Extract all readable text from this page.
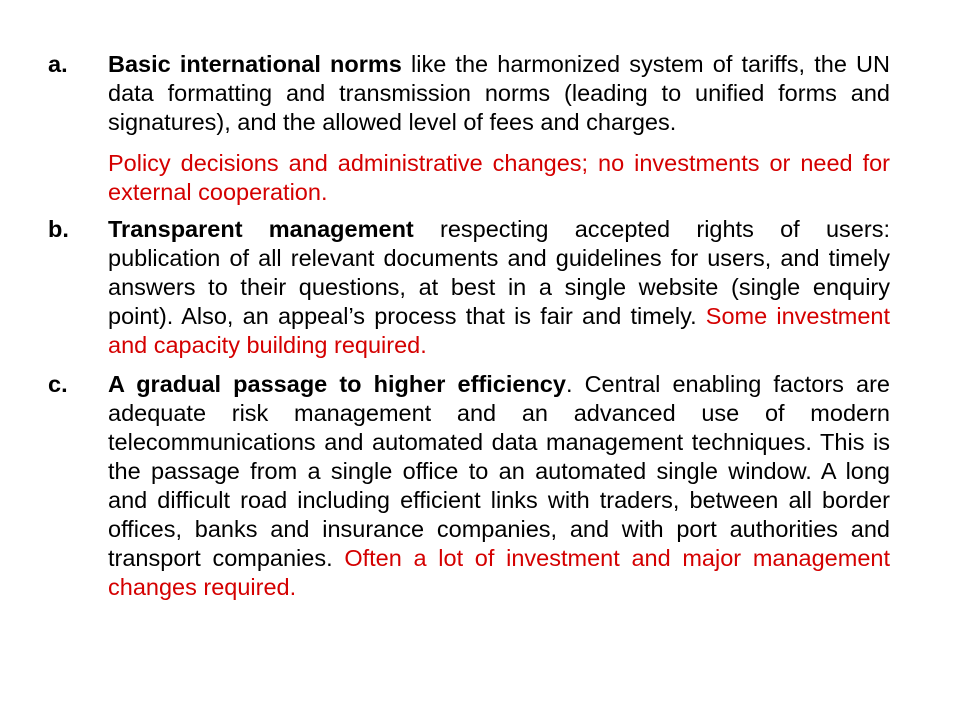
a.	Basic international norms like the harmonized system of tariffs, the UN data formatting and transmission norms (leading to unified forms and signatures), and the allowed level of fees and charges.

Policy decisions and administrative changes; no investments or need for external cooperation.

b.	Transparent management respecting accepted rights of users: publication of all relevant documents and guidelines for users, and timely answers to their questions, at best in a single website (single enquiry point). Also, an appeal’s process that is fair and timely. Some investment and capacity building required.

c.	A gradual passage to higher efficiency. Central enabling factors are adequate risk management and an advanced use of modern telecommunications and automated data management techniques. This is the passage from a single office to an automated single window. A long and difficult road including efficient links with traders, between all border offices, banks and insurance companies, and with port authorities and transport companies. Often a lot of investment and major management changes required.
